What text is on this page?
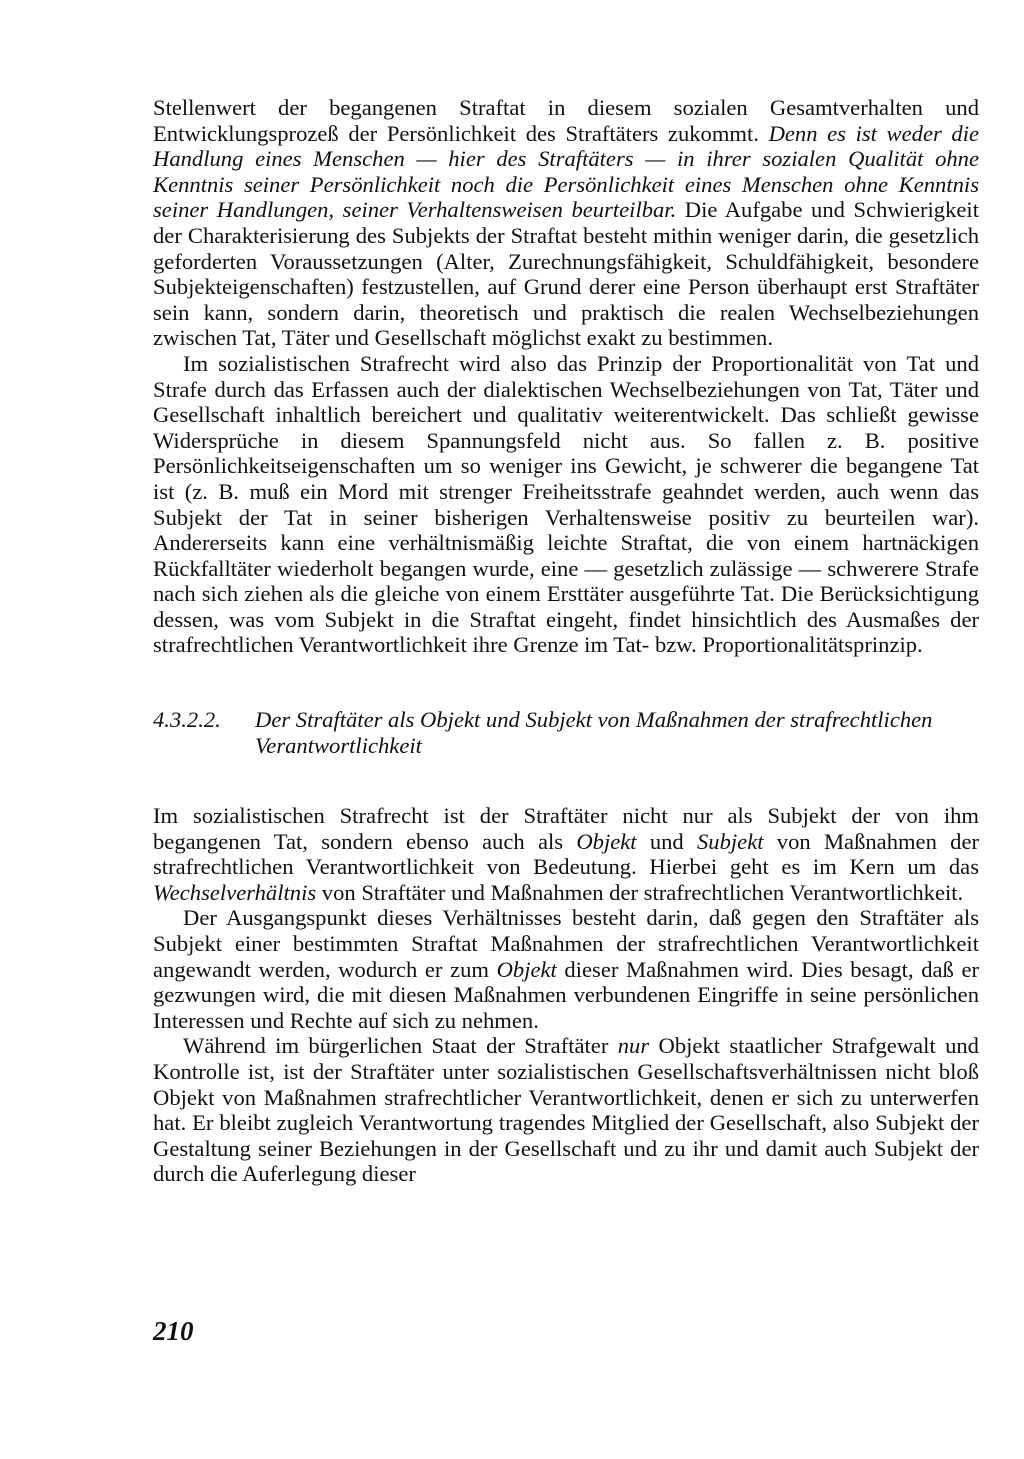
Stellenwert der begangenen Straftat in diesem sozialen Gesamtverhalten und Entwicklungsprozeß der Persönlichkeit des Straftäters zukommt. Denn es ist weder die Handlung eines Menschen — hier des Straftäters — in ihrer sozialen Qualität ohne Kenntnis seiner Persönlichkeit noch die Persönlichkeit eines Menschen ohne Kenntnis seiner Handlungen, seiner Verhaltensweisen beurteilbar. Die Aufgabe und Schwierigkeit der Charakterisierung des Subjekts der Straftat besteht mithin weniger darin, die gesetzlich geforderten Voraussetzungen (Alter, Zurechnungsfähigkeit, Schuldfähigkeit, besondere Subjekteigenschaften) festzustellen, auf Grund derer eine Person überhaupt erst Straftäter sein kann, sondern darin, theoretisch und praktisch die realen Wechselbeziehungen zwischen Tat, Täter und Gesellschaft möglichst exakt zu bestimmen.

Im sozialistischen Strafrecht wird also das Prinzip der Proportionalität von Tat und Strafe durch das Erfassen auch der dialektischen Wechselbeziehungen von Tat, Täter und Gesellschaft inhaltlich bereichert und qualitativ weiterentwickelt. Das schließt gewisse Widersprüche in diesem Spannungsfeld nicht aus. So fallen z. B. positive Persönlichkeitseigenschaften um so weniger ins Gewicht, je schwerer die begangene Tat ist (z. B. muß ein Mord mit strenger Freiheitsstrafe geahndet werden, auch wenn das Subjekt der Tat in seiner bisherigen Verhaltensweise positiv zu beurteilen war). Andererseits kann eine verhältnismäßig leichte Straftat, die von einem hartnäckigen Rückfalltäter wiederholt begangen wurde, eine — gesetzlich zulässige — schwerere Strafe nach sich ziehen als die gleiche von einem Ersttäter ausgeführte Tat. Die Berücksichtigung dessen, was vom Subjekt in die Straftat eingeht, findet hinsichtlich des Ausmaßes der strafrechtlichen Verantwortlichkeit ihre Grenze im Tat- bzw. Proportionalitätsprinzip.

4.3.2.2.	Der Straftäter als Objekt und Subjekt von Maßnahmen der strafrechtlichen Verantwortlichkeit

Im sozialistischen Strafrecht ist der Straftäter nicht nur als Subjekt der von ihm begangenen Tat, sondern ebenso auch als Objekt und Subjekt von Maßnahmen der strafrechtlichen Verantwortlichkeit von Bedeutung. Hierbei geht es im Kern um das Wechselverhältnis von Straftäter und Maßnahmen der strafrechtlichen Verantwortlichkeit.

Der Ausgangspunkt dieses Verhältnisses besteht darin, daß gegen den Straftäter als Subjekt einer bestimmten Straftat Maßnahmen der strafrechtlichen Verantwortlichkeit angewandt werden, wodurch er zum Objekt dieser Maßnahmen wird. Dies besagt, daß er gezwungen wird, die mit diesen Maßnahmen verbundenen Eingriffe in seine persönlichen Interessen und Rechte auf sich zu nehmen.

Während im bürgerlichen Staat der Straftäter nur Objekt staatlicher Strafgewalt und Kontrolle ist, ist der Straftäter unter sozialistischen Gesellschaftsverhältnissen nicht bloß Objekt von Maßnahmen strafrechtlicher Verantwortlichkeit, denen er sich zu unterwerfen hat. Er bleibt zugleich Verantwortung tragendes Mitglied der Gesellschaft, also Subjekt der Gestaltung seiner Beziehungen in der Gesellschaft und zu ihr und damit auch Subjekt der durch die Auferlegung dieser

210
